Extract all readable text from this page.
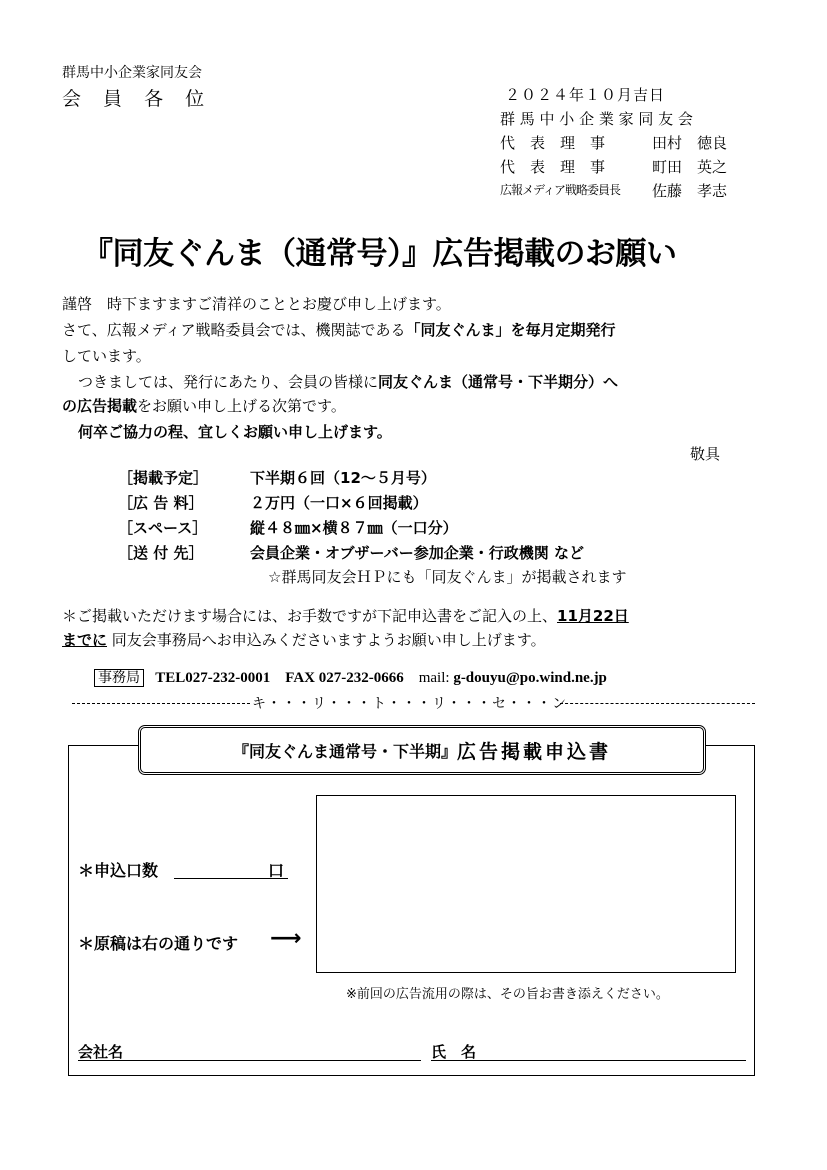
群馬中小企業家同友会
会 員 各 位	２０２４年１０月吉日
群 馬 中 小 企 業 家 同 友 会
代　表　理　事	田村　徳良
代　表　理　事	町田　英之
広報メディア戦略委員長 佐藤　孝志
『同友ぐんま（通常号）』広告掲載のお願い
謹啓　時下ますますご清祥のこととお慶び申し上げます。
さて、広報メディア戦略委員会では、機関誌である「同友ぐんま」を毎月定期発行
しています。
つきましては、発行にあたり、会員の皆様に同友ぐんま（通常号・下半期分）へ
の広告掲載をお願い申し上げる次第です。
何卒ご協力の程、宜しくお願い申し上げます。
敬具
［掲載予定］	下半期６回（12～５月号）
［広 告 料］	２万円（一口×６回掲載）
［スペース］	縦４８㎜×横８７㎜（一口分）
［送 付 先］	会員企業・オブザーバー参加企業・行政機関 など
☆群馬同友会ＨＰにも「同友ぐんま」が掲載されます
＊ご掲載いただけます場合には、お手数ですが下記申込書をご記入の上、11月22日
までに 同友会事務局へお申込みくださいますようお願い申し上げます。
事務局 TEL027-232-0001 FAX 027-232-0666 mail: g-douyu@po.wind.ne.jp
キ・・・リ・・・ト・・・リ・・・セ・・・ン
『同友ぐんま通常号・下半期』 広告掲載申込書
＊申込口数	口
＊原稿は右の通りです ⟶
※前回の広告流用の際は、その旨お書き添えください。
会社名	氏　名
